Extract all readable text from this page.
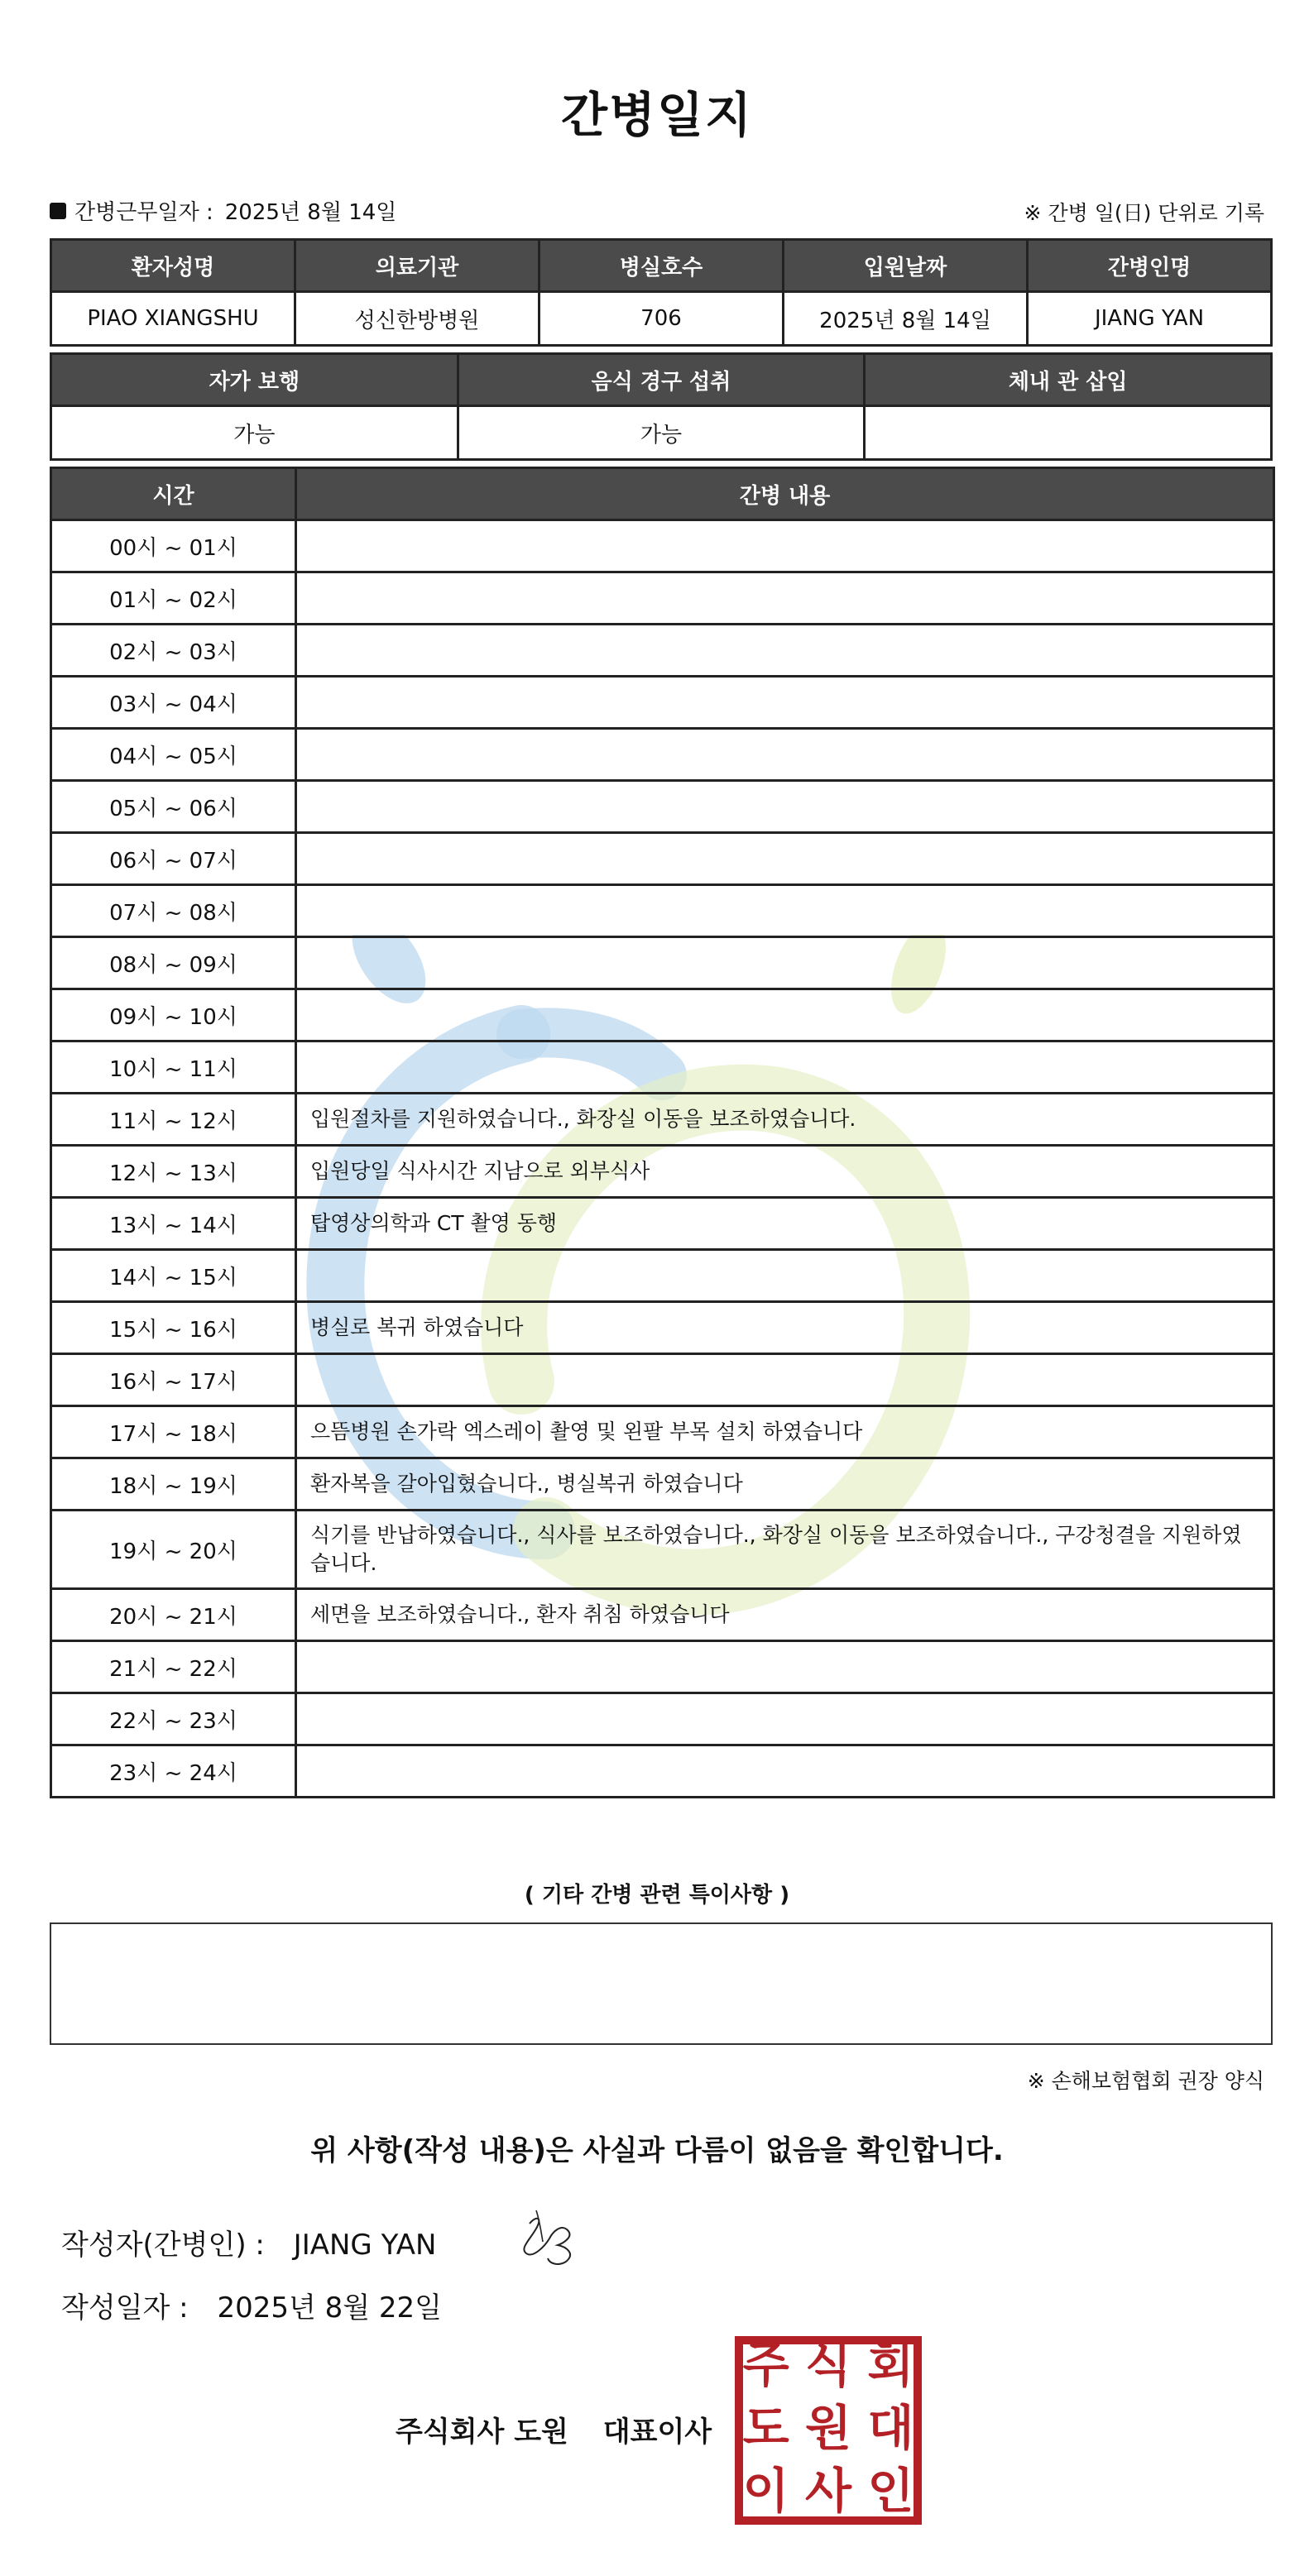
간병일지
간병근무일자 : 2025년 8월 14일	※ 간병 일(日) 단위로 기록
환자성명	의료기관	병실호수	입원날짜	간병인명
PIAO XIANGSHU	성신한방병원	706	2025년 8월 14일	JIANG YAN
자가 보행	음식 경구 섭취	체내 관 삽입
가능	가능	
시간	간병 내용
00시 ~ 01시	
01시 ~ 02시	
02시 ~ 03시	
03시 ~ 04시	
04시 ~ 05시	
05시 ~ 06시	
06시 ~ 07시	
07시 ~ 08시	
08시 ~ 09시	
09시 ~ 10시	
10시 ~ 11시	
11시 ~ 12시	입원절차를 지원하였습니다., 화장실 이동을 보조하였습니다.
12시 ~ 13시	입원당일 식사시간 지남으로 외부식사
13시 ~ 14시	탑영상의학과 CT 촬영 동행
14시 ~ 15시	
15시 ~ 16시	병실로 복귀 하였습니다
16시 ~ 17시	
17시 ~ 18시	으뜸병원 손가락 엑스레이 촬영 및 왼팔 부목 설치 하였습니다
18시 ~ 19시	환자복을 갈아입혔습니다., 병실복귀 하였습니다
19시 ~ 20시	식기를 반납하였습니다., 식사를 보조하였습니다., 화장실 이동을 보조하였습니다., 구강청결을 지원하였습니다.
20시 ~ 21시	세면을 보조하였습니다., 환자 취침 하였습니다
21시 ~ 22시	
22시 ~ 23시	
23시 ~ 24시	
( 기타 간병 관련 특이사항 )
※ 손해보험협회 권장 양식
위 사항(작성 내용)은 사실과 다름이 없음을 확인합니다.
작성자(간병인) : JIANG YAN
작성일자 : 2025년 8월 22일
주식회사 도원 대표이사
주 식 회
도 원 대
이 사 인
